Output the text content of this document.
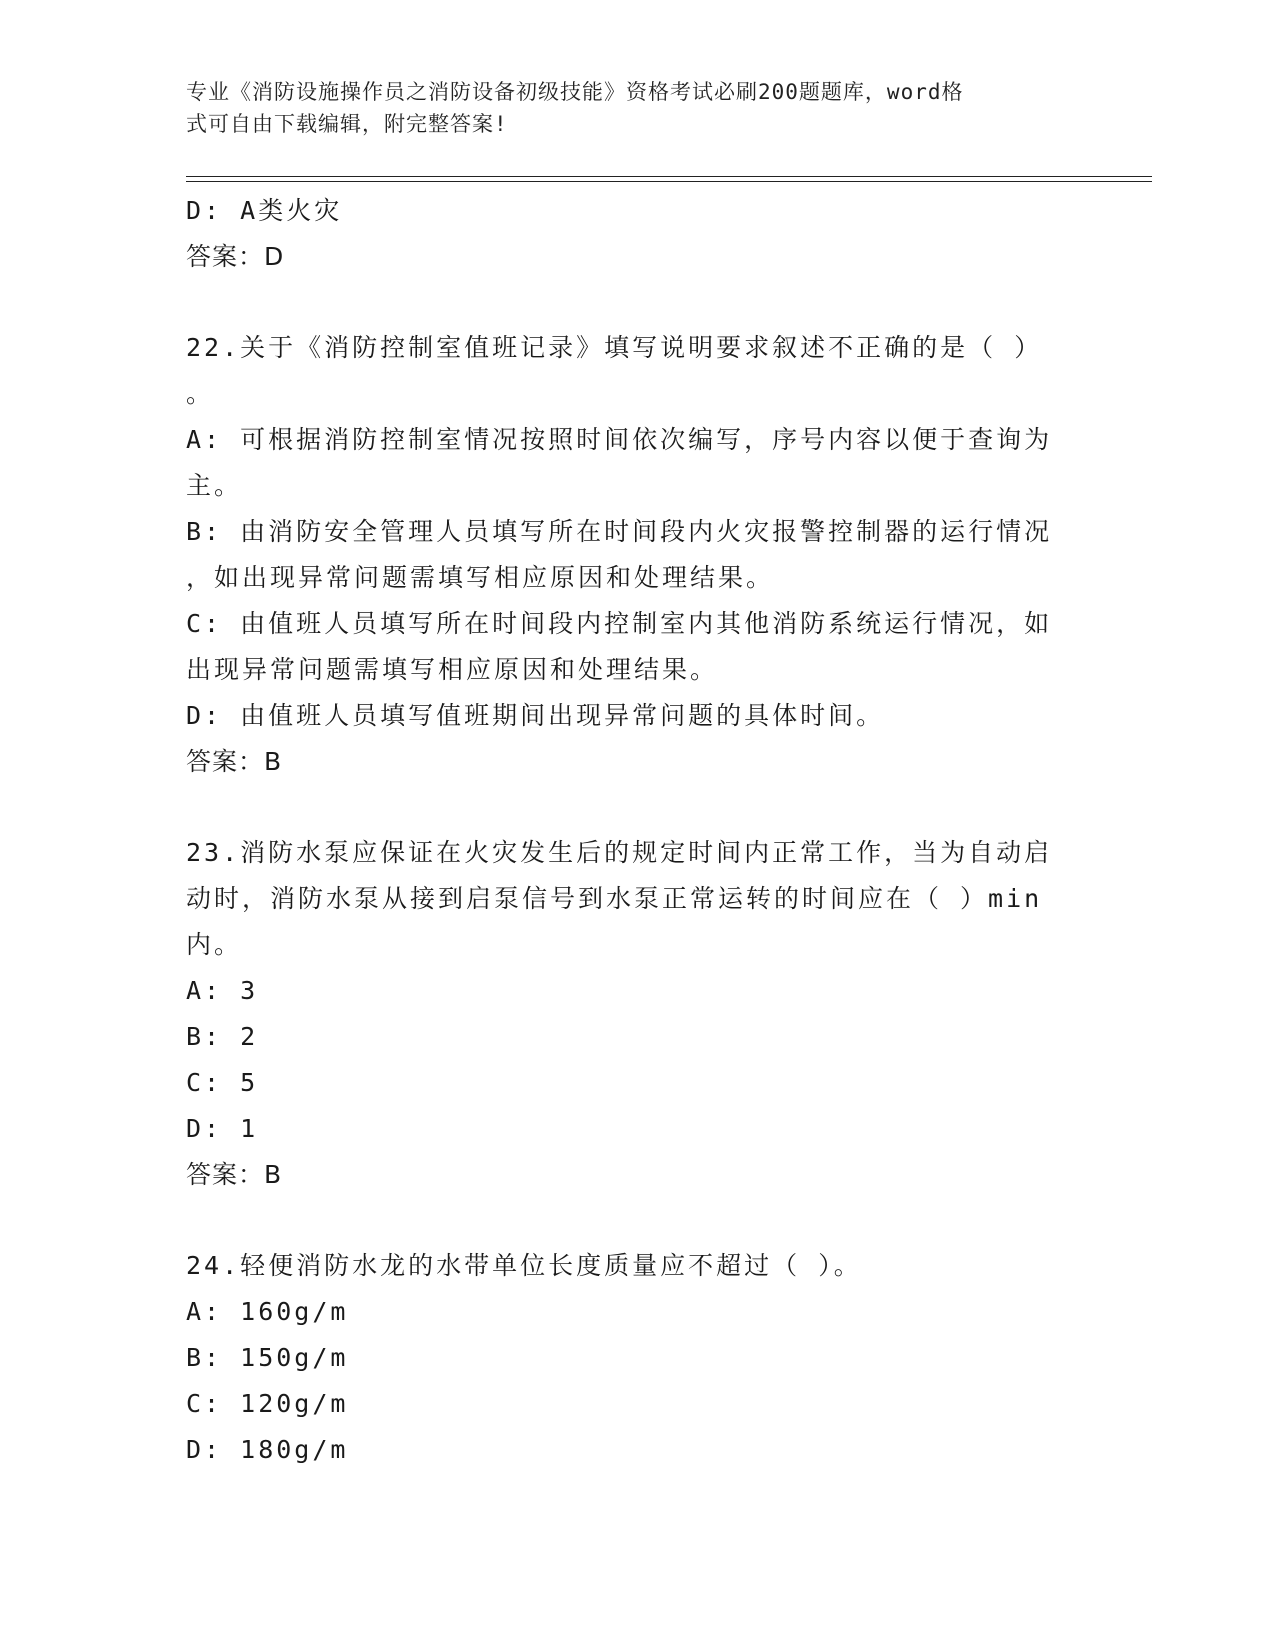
专业《消防设施操作员之消防设备初级技能》资格考试必刷200题题库，word格
式可自由下载编辑，附完整答案!
D: A类火灾
答案：D
22.关于《消防控制室值班记录》填写说明要求叙述不正确的是（ ）
。
A: 可根据消防控制室情况按照时间依次编写，序号内容以便于查询为
主。
B: 由消防安全管理人员填写所在时间段内火灾报警控制器的运行情况
，如出现异常问题需填写相应原因和处理结果。
C: 由值班人员填写所在时间段内控制室内其他消防系统运行情况，如
出现异常问题需填写相应原因和处理结果。
D: 由值班人员填写值班期间出现异常问题的具体时间。
答案：B
23.消防水泵应保证在火灾发生后的规定时间内正常工作，当为自动启
动时，消防水泵从接到启泵信号到水泵正常运转的时间应在（ ）min
内。
A: 3
B: 2
C: 5
D: 1
答案：B
24.轻便消防水龙的水带单位长度质量应不超过（ ）。
A: 160g/m
B: 150g/m
C: 120g/m
D: 180g/m
